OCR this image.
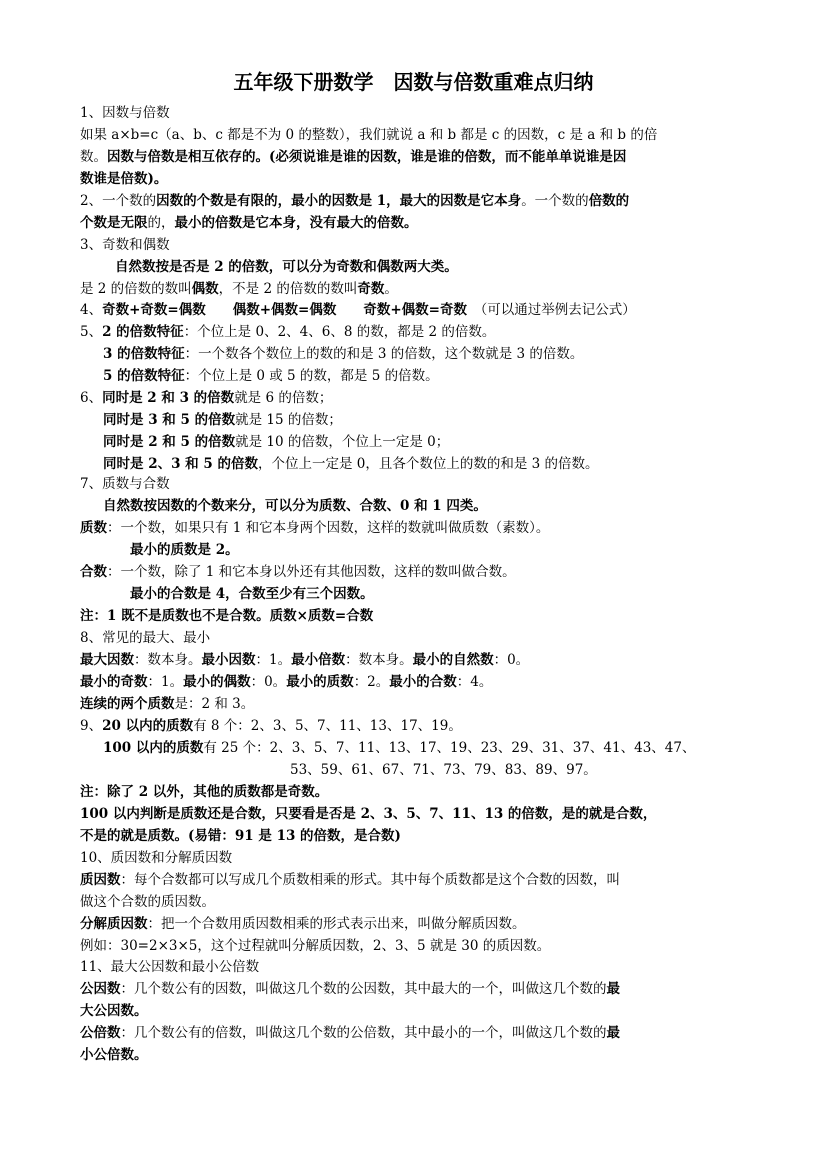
五年级下册数学　因数与倍数重难点归纳
1、因数与倍数
如果 a×b=c（a、b、c 都是不为 0 的整数），我们就说 a 和 b 都是 c 的因数，c 是 a 和 b 的倍
数。因数与倍数是相互依存的。(必须说谁是谁的因数，谁是谁的倍数，而不能单单说谁是因
数谁是倍数)。
2、一个数的因数的个数是有限的，最小的因数是 1，最大的因数是它本身。一个数的倍数的
个数是无限的，最小的倍数是它本身，没有最大的倍数。
3、奇数和偶数
自然数按是否是 2 的倍数，可以分为奇数和偶数两大类。
是 2 的倍数的数叫偶数，不是 2 的倍数的数叫奇数。
4、奇数+奇数=偶数　　偶数+偶数=偶数　　奇数+偶数=奇数　（可以通过举例去记公式）
5、2 的倍数特征：个位上是 0、2、4、6、8 的数，都是 2 的倍数。
3 的倍数特征：一个数各个数位上的数的和是 3 的倍数，这个数就是 3 的倍数。
5 的倍数特征：个位上是 0 或 5 的数，都是 5 的倍数。
6、同时是 2 和 3 的倍数就是 6 的倍数；
同时是 3 和 5 的倍数就是 15 的倍数；
同时是 2 和 5 的倍数就是 10 的倍数，个位上一定是 0；
同时是 2、3 和 5 的倍数，个位上一定是 0，且各个数位上的数的和是 3 的倍数。
7、质数与合数
自然数按因数的个数来分，可以分为质数、合数、0 和 1 四类。
质数：一个数，如果只有 1 和它本身两个因数，这样的数就叫做质数（素数）。
最小的质数是 2。
合数：一个数，除了 1 和它本身以外还有其他因数，这样的数叫做合数。
最小的合数是 4，合数至少有三个因数。
注：1 既不是质数也不是合数。质数×质数=合数
8、常见的最大、最小
最大因数：数本身。最小因数：1。最小倍数：数本身。最小的自然数：0。
最小的奇数：1。最小的偶数：0。最小的质数：2。最小的合数：4。
连续的两个质数是：2 和 3。
9、20 以内的质数有 8 个：2、3、5、7、11、13、17、19。
100 以内的质数有 25 个：2、3、5、7、11、13、17、19、23、29、31、37、41、43、47、
53、59、61、67、71、73、79、83、89、97。
注：除了 2 以外，其他的质数都是奇数。
100 以内判断是质数还是合数，只要看是否是 2、3、5、7、11、13 的倍数，是的就是合数，
不是的就是质数。(易错：91 是 13 的倍数，是合数)
10、质因数和分解质因数
质因数：每个合数都可以写成几个质数相乘的形式。其中每个质数都是这个合数的因数，叫
做这个合数的质因数。
分解质因数：把一个合数用质因数相乘的形式表示出来，叫做分解质因数。
例如：30=2×3×5，这个过程就叫分解质因数，2、3、5 就是 30 的质因数。
11、最大公因数和最小公倍数
公因数：几个数公有的因数，叫做这几个数的公因数，其中最大的一个，叫做这几个数的最
大公因数。
公倍数：几个数公有的倍数，叫做这几个数的公倍数，其中最小的一个，叫做这几个数的最
小公倍数。
